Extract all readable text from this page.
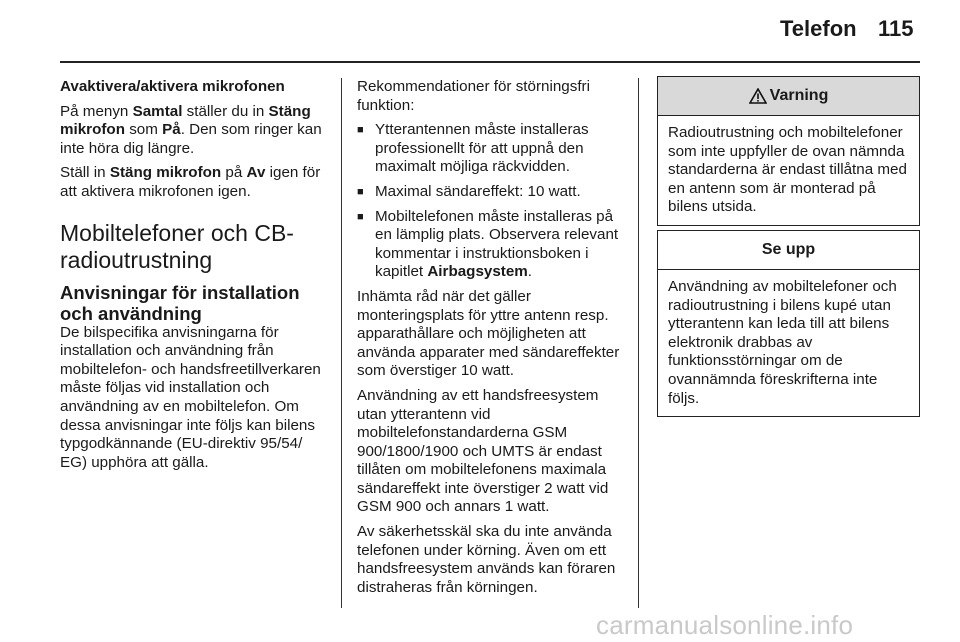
Telefon 115

Avaktivera/aktivera mikrofonen

På menyn Samtal ställer du in Stäng mikrofon som På. Den som ringer kan inte höra dig längre.

Ställ in Stäng mikrofon på Av igen för att aktivera mikrofonen igen.

Mobiltelefoner och CB-radioutrustning
Anvisningar för installation och användning

De bilspecifika anvisningarna för installation och användning från mobiltelefon- och handsfreetillverkaren måste följas vid installation och användning av en mobiltelefon. Om dessa anvisningar inte följs kan bilens typgodkännande (EU-direktiv 95/54/ EG) upphöra att gälla.

Rekommendationer för störningsfri funktion:

■ Ytterantennen måste installeras professionellt för att uppnå den maximalt möjliga räckvidden.
■ Maximal sändareffekt: 10 watt.
■ Mobiltelefonen måste installeras på en lämplig plats. Observera relevant kommentar i instruktionsboken i kapitlet Airbagsystem.

Inhämta råd när det gäller monteringsplats för yttre antenn resp. apparathållare och möjligheten att använda apparater med sändareffekter som överstiger 10 watt.

Användning av ett handsfreesystem utan ytterantenn vid mobiltelefonstandarderna GSM 900/1800/1900 och UMTS är endast tillåten om mobiltelefonens maximala sändareffekt inte överstiger 2 watt vid GSM 900 och annars 1 watt.

Av säkerhetsskäl ska du inte använda telefonen under körning. Även om ett handsfreesystem används kan föraren distraheras från körningen.

Varning
Radioutrustning och mobiltelefoner som inte uppfyller de ovan nämnda standarderna är endast tillåtna med en antenn som är monterad på bilens utsida.
Se upp
Användning av mobiltelefoner och radioutrustning i bilens kupé utan ytterantenn kan leda till att bilens elektronik drabbas av funktionsstörningar om de ovannämnda föreskrifterna inte följs.
carmanualsonline.info
